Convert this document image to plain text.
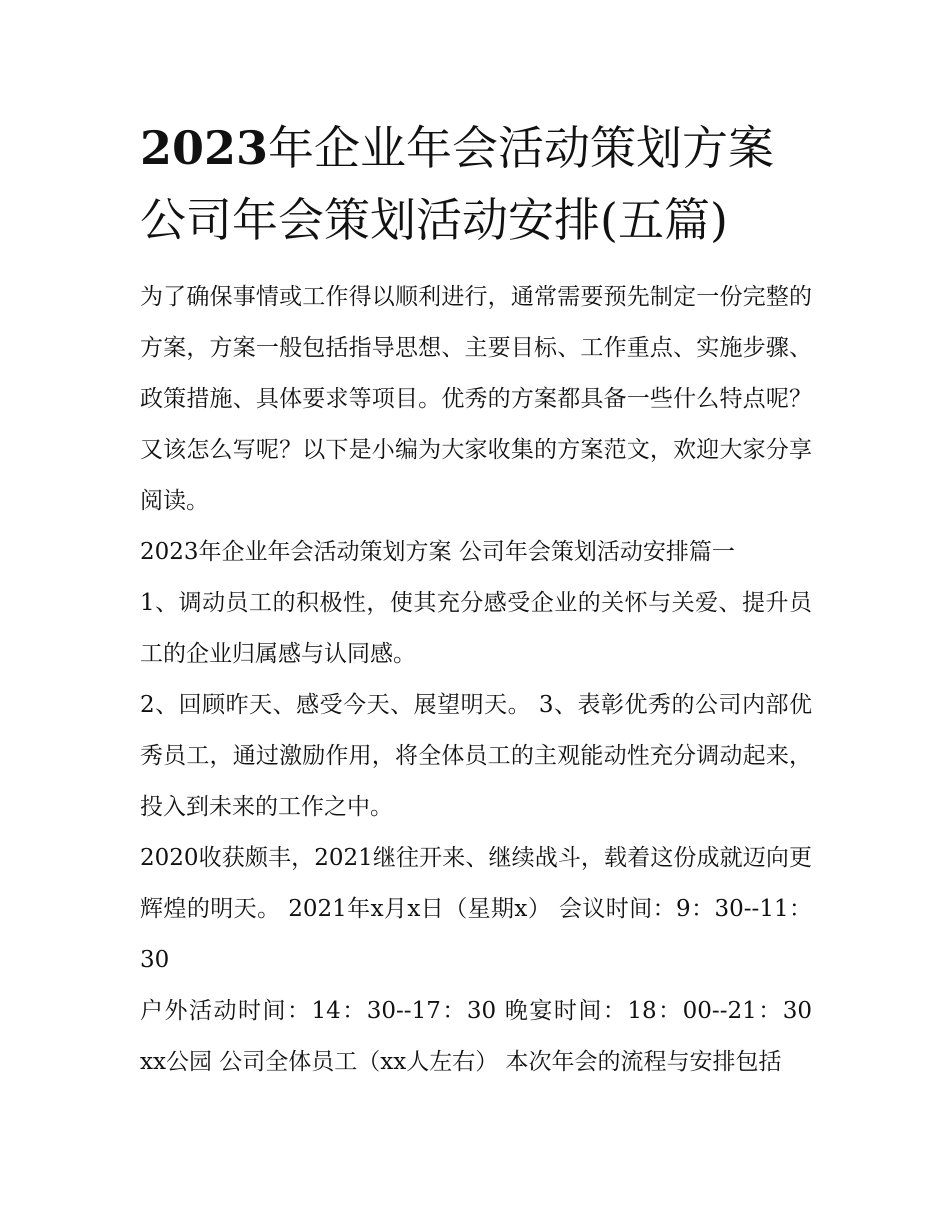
2023年企业年会活动策划方案
公司年会策划活动安排(五篇)

为了确保事情或工作得以顺利进行，通常需要预先制定一份完整的方案，方案一般包括指导思想、主要目标、工作重点、实施步骤、政策措施、具体要求等项目。优秀的方案都具备一些什么特点呢？又该怎么写呢？以下是小编为大家收集的方案范文，欢迎大家分享阅读。

2023年企业年会活动策划方案 公司年会策划活动安排篇一

1、调动员工的积极性，使其充分感受企业的关怀与关爱、提升员工的企业归属感与认同感。

2、回顾昨天、感受今天、展望明天。 3、表彰优秀的公司内部优秀员工，通过激励作用，将全体员工的主观能动性充分调动起来，投入到未来的工作之中。

2020收获颇丰，2021继往开来、继续战斗，载着这份成就迈向更辉煌的明天。 2021年x月x日（星期x） 会议时间：9：30--11：30

户外活动时间：14：30--17：30 晚宴时间：18：00--21：30 xx公园 公司全体员工（xx人左右） 本次年会的流程与安排包括
